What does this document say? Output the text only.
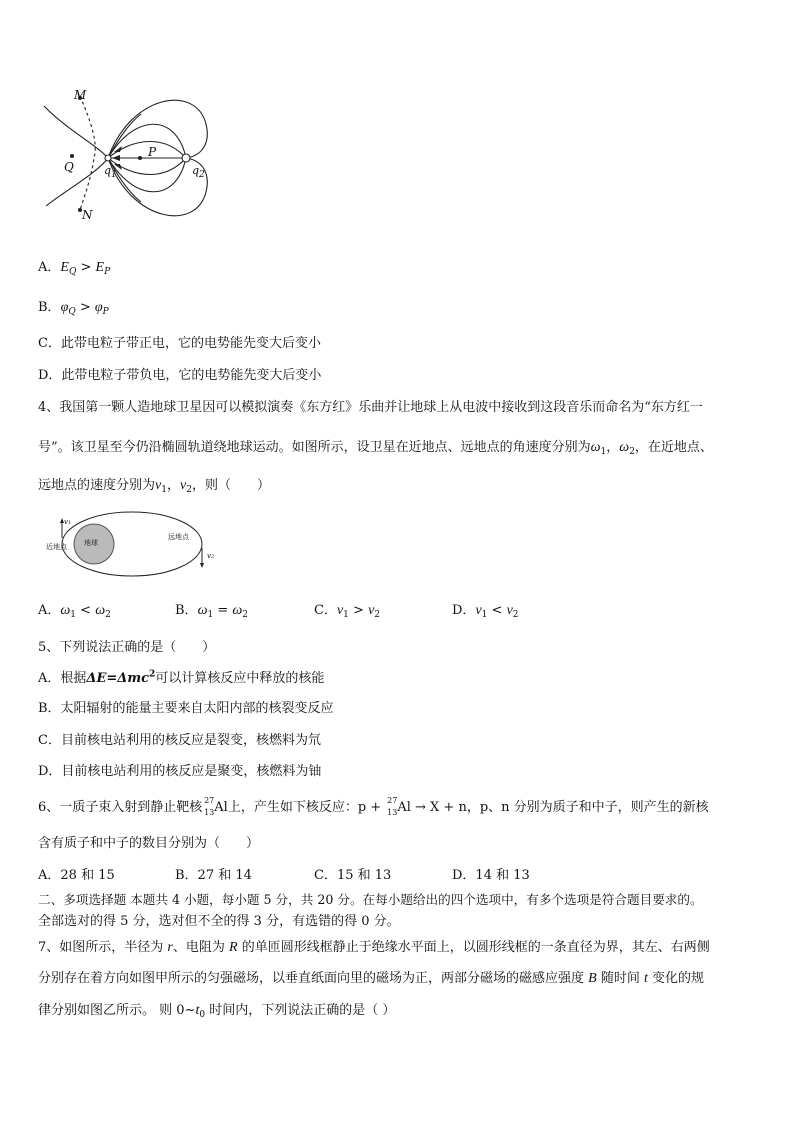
M
Q
P
N
$q_1$	$q_2$
A．$E_Q > E_P$
B．$\varphi_Q > \varphi_P$
C．此带电粒子带正电，它的电势能先变大后变小
D．此带电粒子带负电，它的电势能先变大后变小
4、我国第一颗人造地球卫星因可以模拟演奏《东方红》乐曲并让地球上从电波中接收到这段音乐而命名为“东方红一
号”。该卫星至今仍沿椭圆轨道绕地球运动。如图所示，设卫星在近地点、远地点的角速度分别为$\omega_1$，$\omega_2$，在近地点、
远地点的速度分别为$v_1$，$v_2$，则（　　）
地球
近地点
远地点
v1
v2
A．$\omega_1 < \omega_2$	B．$\omega_1 = \omega_2$	C．$v_1 > v_2$	D．$v_1 < v_2$
5、下列说法正确的是（　　）
A．根据ΔE=Δmc$^2$可以计算核反应中释放的核能
B．太阳辐射的能量主要来自太阳内部的核裂变反应
C．目前核电站利用的核反应是裂变，核燃料为氘
D．目前核电站利用的核反应是聚变，核燃料为铀
6、一质子束入射到静止靶核 27
13 Al上，产生如下核反应：p + 27
13 Al → X + n，p、n 分别为质子和中子，则产生的新核
含有质子和中子的数目分别为（　　）
A．28 和 15	B．27 和 14	C．15 和 13	D．14 和 13
二、多项选择题 本题共 4 小题，每小题 5 分，共 20 分。在每小题给出的四个选项中，有多个选项是符合题目要求的。
全部选对的得 5 分，选对但不全的得 3 分，有选错的得 0 分。
7、如图所示，半径为 r、电阻为 R 的单匝圆形线框静止于绝缘水平面上，以圆形线框的一条直径为界，其左、右两侧
分别存在着方向如图甲所示的匀强磁场，以垂直纸面向里的磁场为正，两部分磁场的磁感应强度 B 随时间 t 变化的规
律分别如图乙所示。 则 $0\sim t_0$ 时间内，下列说法正确的是（ ）
